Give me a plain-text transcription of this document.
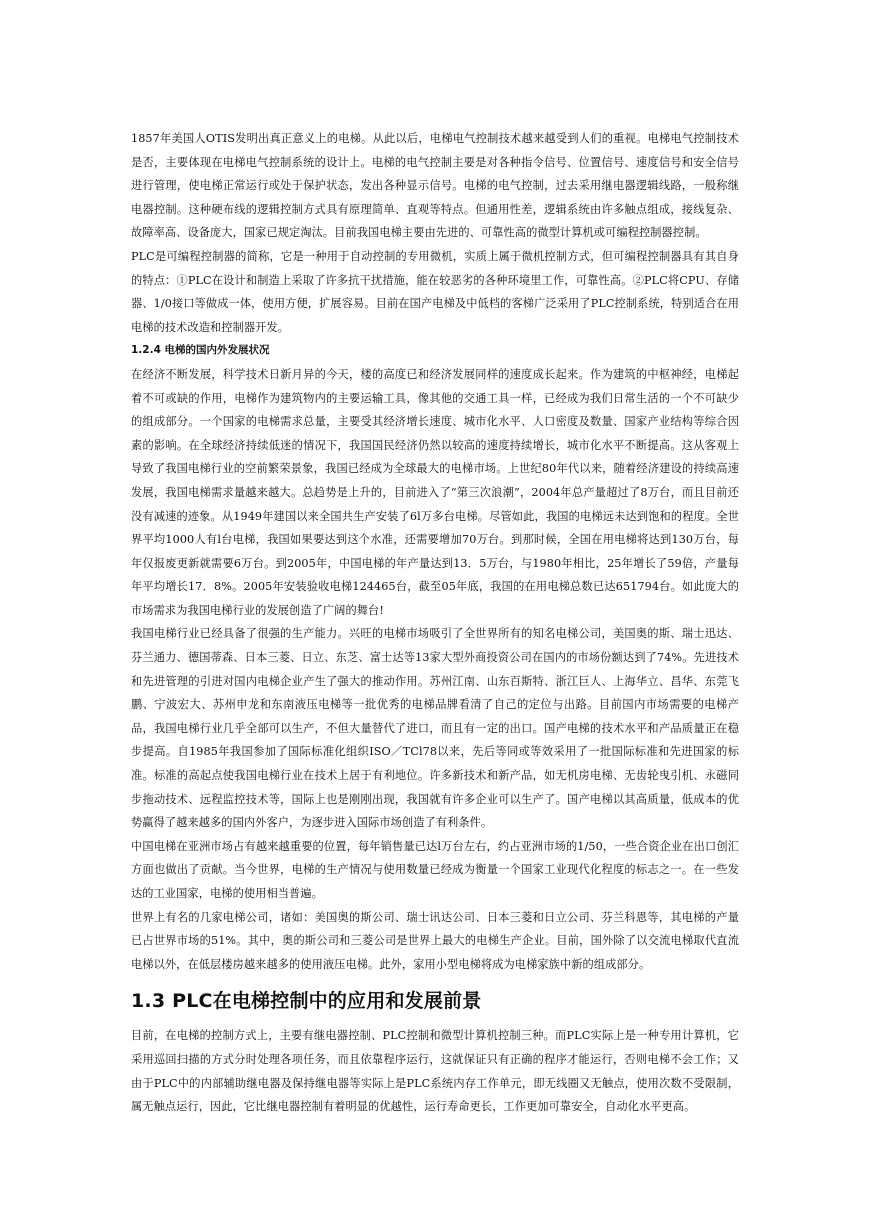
1857年美国人OTIS发明出真正意义上的电梯。从此以后，电梯电气控制技术越来越受到人们的重视。电梯电气控制技术是否，主要体现在电梯电气控制系统的设计上。电梯的电气控制主要是对各种指令信号、位置信号、速度信号和安全信号进行管理，使电梯正常运行或处于保护状态，发出各种显示信号。电梯的电气控制，过去采用继电器逻辑线路，一般称继电器控制。这种硬布线的逻辑控制方式具有原理简单、直观等特点。但通用性差，逻辑系统由许多触点组成，接线复杂、故障率高、设备庞大，国家已规定淘汰。目前我国电梯主要由先进的、可靠性高的微型计算机或可编程控制器控制。

PLC是可编程控制器的简称，它是一种用于自动控制的专用微机，实质上属于微机控制方式，但可编程控制器具有其自身的特点：①PLC在设计和制造上采取了许多抗干扰措施，能在较恶劣的各种环境里工作，可靠性高。②PLC将CPU、存储器、1/0接口等做成一体，使用方便，扩展容易。目前在国产电梯及中低档的客梯广泛采用了PLC控制系统，特别适合在用电梯的技术改造和控制器开发。

1.2.4 电梯的国内外发展状况

在经济不断发展，科学技术日新月异的今天，楼的高度已和经济发展同样的速度成长起来。作为建筑的中枢神经，电梯起着不可或缺的作用，电梯作为建筑物内的主要运输工具，像其他的交通工具一样，已经成为我们日常生活的一个不可缺少的组成部分。一个国家的电梯需求总量，主要受其经济增长速度、城市化水平、人口密度及数量、国家产业结构等综合因素的影响。在全球经济持续低迷的情况下，我国国民经济仍然以较高的速度持续增长，城市化水平不断提高。这从客观上导致了我国电梯行业的空前繁荣景象，我国已经成为全球最大的电梯市场。上世纪80年代以来，随着经济建设的持续高速发展，我国电梯需求量越来越大。总趋势是上升的，目前进入了“第三次浪潮”，2004年总产量超过了8万台，而且目前还没有减速的迹象。从1949年建国以来全国共生产安装了6l万多台电梯。尽管如此，我国的电梯远未达到饱和的程度。全世界平均1000人有l台电梯，我国如果要达到这个水准，还需要增加70万台。到那时候，全国在用电梯将达到130万台，每年仅报废更新就需要6万台。到2005年，中国电梯的年产量达到13．5万台，与1980年相比，25年增长了59倍，产量每年平均增长17．8%。2005年安装验收电梯124465台，截至05年底，我国的在用电梯总数已达651794台。如此庞大的市场需求为我国电梯行业的发展创造了广阔的舞台!

我国电梯行业已经具备了很强的生产能力。兴旺的电梯市场吸引了全世界所有的知名电梯公司，美国奥的斯、瑞士迅达、芬兰通力、德国蒂森、日本三菱、日立、东芝、富士达等13家大型外商投资公司在国内的市场份额达到了74%。先进技术和先进管理的引进对国内电梯企业产生了强大的推动作用。苏州江南、山东百斯特、浙江巨人、上海华立、昌华、东莞飞鹏、宁波宏大、苏州申龙和东南液压电梯等一批优秀的电梯品牌看清了自己的定位与出路。目前国内市场需要的电梯产品，我国电梯行业几乎全部可以生产，不但大量替代了进口，而且有一定的出口。国产电梯的技术水平和产品质量正在稳步提高。自1985年我国参加了国际标准化组织ISO／TCl78以来，先后等同或等效采用了一批国际标准和先进国家的标准。标准的高起点使我国电梯行业在技术上居于有利地位。许多新技术和新产品，如无机房电梯、无齿轮曳引机、永磁同步拖动技术、远程监控技术等，国际上也是刚刚出现，我国就有许多企业可以生产了。国产电梯以其高质量，低成本的优势赢得了越来越多的国内外客户，为逐步进入国际市场创造了有利条件。

中国电梯在亚洲市场占有越来越重要的位置，每年销售量已达l万台左右，约占亚洲市场的1/50，一些合资企业在出口创汇方面也做出了贡献。当今世界，电梯的生产情况与使用数量已经成为衡量一个国家工业现代化程度的标志之一。在一些发达的工业国家，电梯的使用相当普遍。

世界上有名的几家电梯公司，诸如：美国奥的斯公司、瑞士讯达公司、日本三菱和日立公司、芬兰科恩等，其电梯的产量已占世界市场的51%。其中，奥的斯公司和三菱公司是世界上最大的电梯生产企业。目前，国外除了以交流电梯取代直流电梯以外，在低层楼房越来越多的使用液压电梯。此外，家用小型电梯将成为电梯家族中新的组成部分。

1.3 PLC在电梯控制中的应用和发展前景

目前，在电梯的控制方式上，主要有继电器控制、PLC控制和微型计算机控制三种。而PLC实际上是一种专用计算机，它采用巡回扫描的方式分时处理各项任务，而且依靠程序运行，这就保证只有正确的程序才能运行，否则电梯不会工作；又由于PLC中的内部辅助继电器及保持继电器等实际上是PLC系统内存工作单元，即无线圈又无触点，使用次数不受限制，属无触点运行，因此，它比继电器控制有着明显的优越性，运行寿命更长，工作更加可靠安全，自动化水平更高。
